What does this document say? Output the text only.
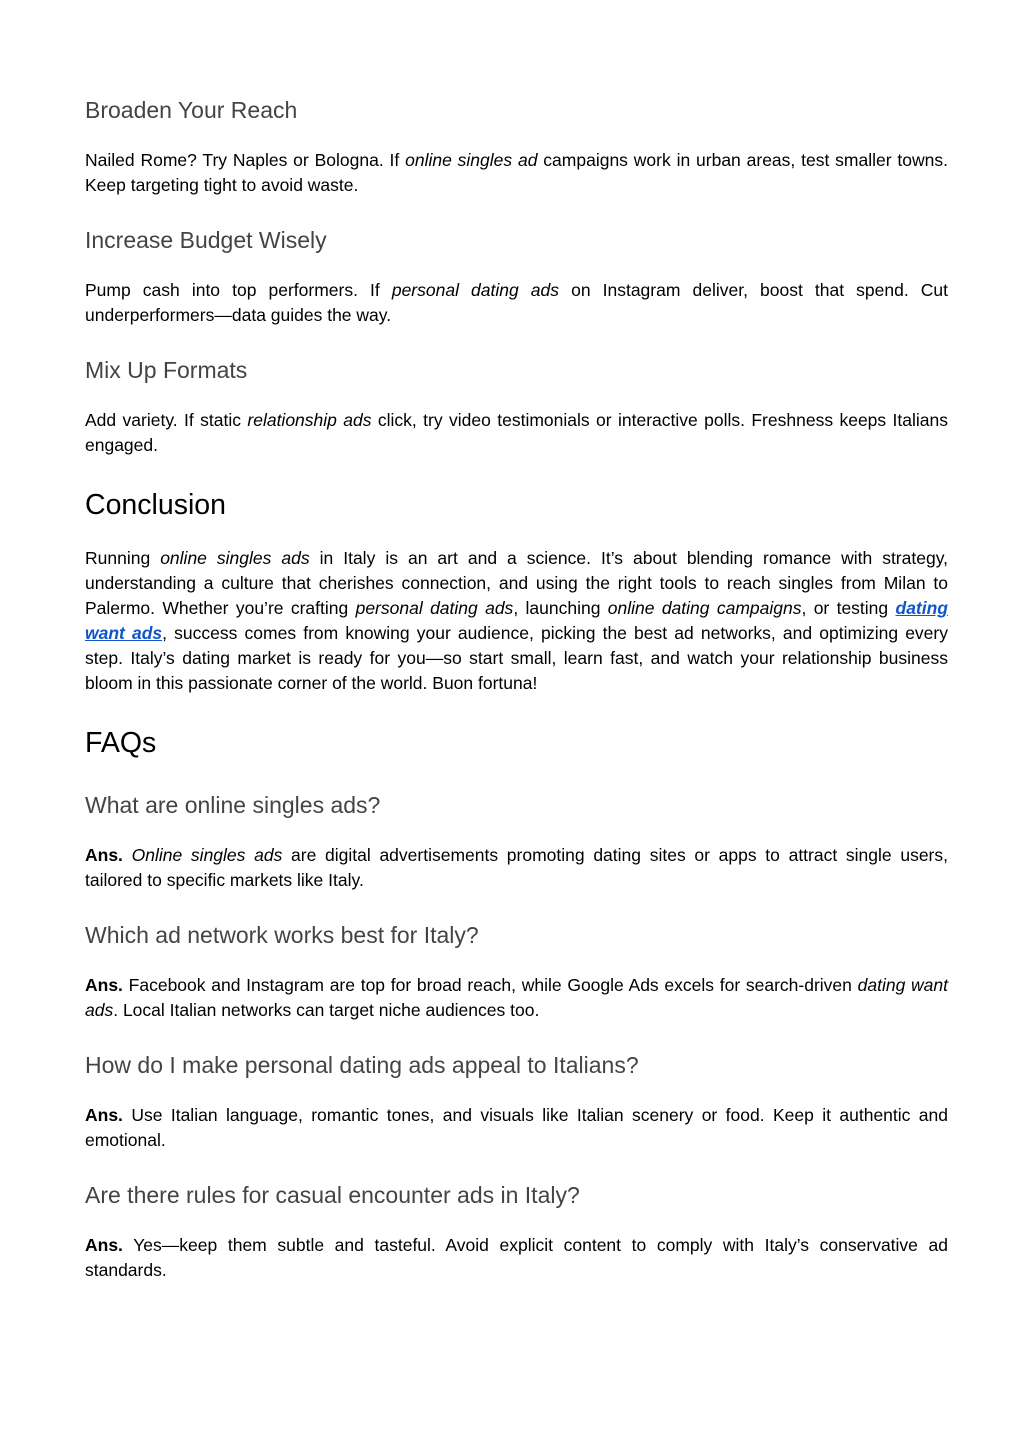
Broaden Your Reach

Nailed Rome? Try Naples or Bologna. If online singles ad campaigns work in urban areas, test smaller towns. Keep targeting tight to avoid waste.

Increase Budget Wisely

Pump cash into top performers. If personal dating ads on Instagram deliver, boost that spend. Cut underperformers—data guides the way.

Mix Up Formats

Add variety. If static relationship ads click, try video testimonials or interactive polls. Freshness keeps Italians engaged.

Conclusion

Running online singles ads in Italy is an art and a science. It’s about blending romance with strategy, understanding a culture that cherishes connection, and using the right tools to reach singles from Milan to Palermo. Whether you’re crafting personal dating ads, launching online dating campaigns, or testing dating want ads, success comes from knowing your audience, picking the best ad networks, and optimizing every step. Italy’s dating market is ready for you—so start small, learn fast, and watch your relationship business bloom in this passionate corner of the world. Buon fortuna!

FAQs
What are online singles ads?

Ans. Online singles ads are digital advertisements promoting dating sites or apps to attract single users, tailored to specific markets like Italy.

Which ad network works best for Italy?

Ans. Facebook and Instagram are top for broad reach, while Google Ads excels for search-driven dating want ads. Local Italian networks can target niche audiences too.

How do I make personal dating ads appeal to Italians?

Ans. Use Italian language, romantic tones, and visuals like Italian scenery or food. Keep it authentic and emotional.

Are there rules for casual encounter ads in Italy?

Ans. Yes—keep them subtle and tasteful. Avoid explicit content to comply with Italy’s conservative ad standards.
